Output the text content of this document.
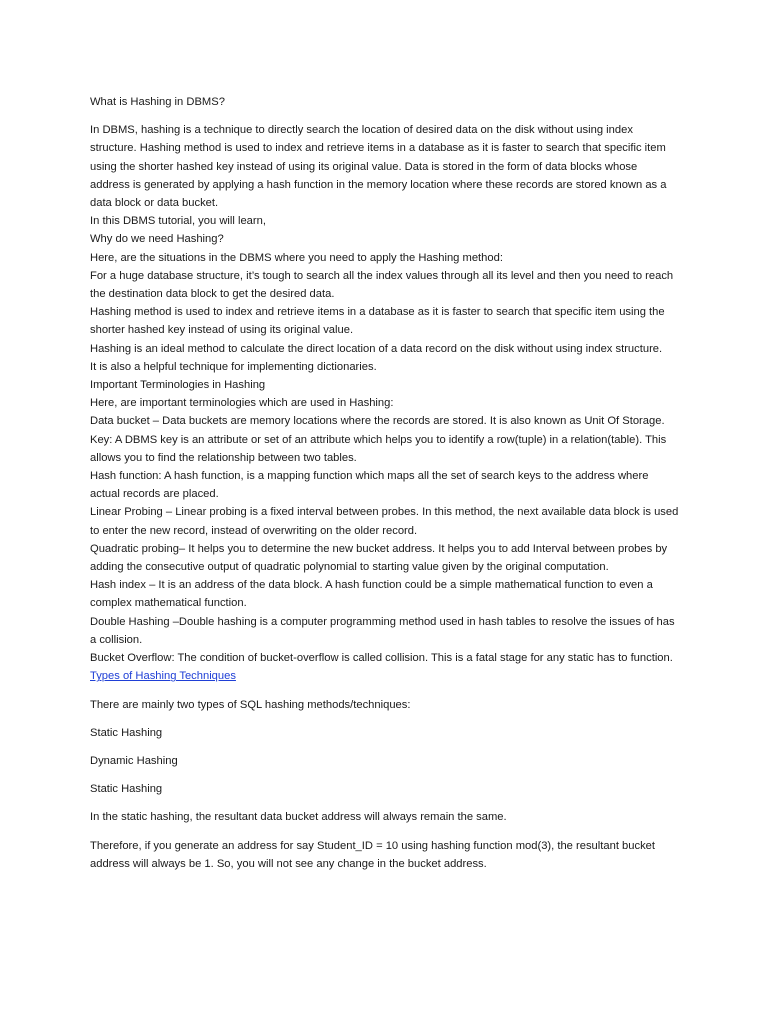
What is Hashing in DBMS?

In DBMS, hashing is a technique to directly search the location of desired data on the disk without using index structure. Hashing method is used to index and retrieve items in a database as it is faster to search that specific item using the shorter hashed key instead of using its original value. Data is stored in the form of data blocks whose address is generated by applying a hash function in the memory location where these records are stored known as a data block or data bucket.

In this DBMS tutorial, you will learn,

Why do we need Hashing?

Here, are the situations in the DBMS where you need to apply the Hashing method:

For a huge database structure, it’s tough to search all the index values through all its level and then you need to reach the destination data block to get the desired data.

Hashing method is used to index and retrieve items in a database as it is faster to search that specific item using the shorter hashed key instead of using its original value.

Hashing is an ideal method to calculate the direct location of a data record on the disk without using index structure.

It is also a helpful technique for implementing dictionaries.

Important Terminologies in Hashing

Here, are important terminologies which are used in Hashing:

Data bucket – Data buckets are memory locations where the records are stored. It is also known as Unit Of Storage.

Key: A DBMS key is an attribute or set of an attribute which helps you to identify a row(tuple) in a relation(table). This allows you to find the relationship between two tables.

Hash function: A hash function, is a mapping function which maps all the set of search keys to the address where actual records are placed.

Linear Probing – Linear probing is a fixed interval between probes. In this method, the next available data block is used to enter the new record, instead of overwriting on the older record.

Quadratic probing– It helps you to determine the new bucket address. It helps you to add Interval between probes by adding the consecutive output of quadratic polynomial to starting value given by the original computation.

Hash index – It is an address of the data block. A hash function could be a simple mathematical function to even a complex mathematical function.

Double Hashing –Double hashing is a computer programming method used in hash tables to resolve the issues of has a collision.

Bucket Overflow: The condition of bucket-overflow is called collision. This is a fatal stage for any static has to function.

Types of Hashing Techniques

There are mainly two types of SQL hashing methods/techniques:

Static Hashing

Dynamic Hashing

Static Hashing

In the static hashing, the resultant data bucket address will always remain the same.

Therefore, if you generate an address for say Student_ID = 10 using hashing function mod(3), the resultant bucket address will always be 1. So, you will not see any change in the bucket address.
